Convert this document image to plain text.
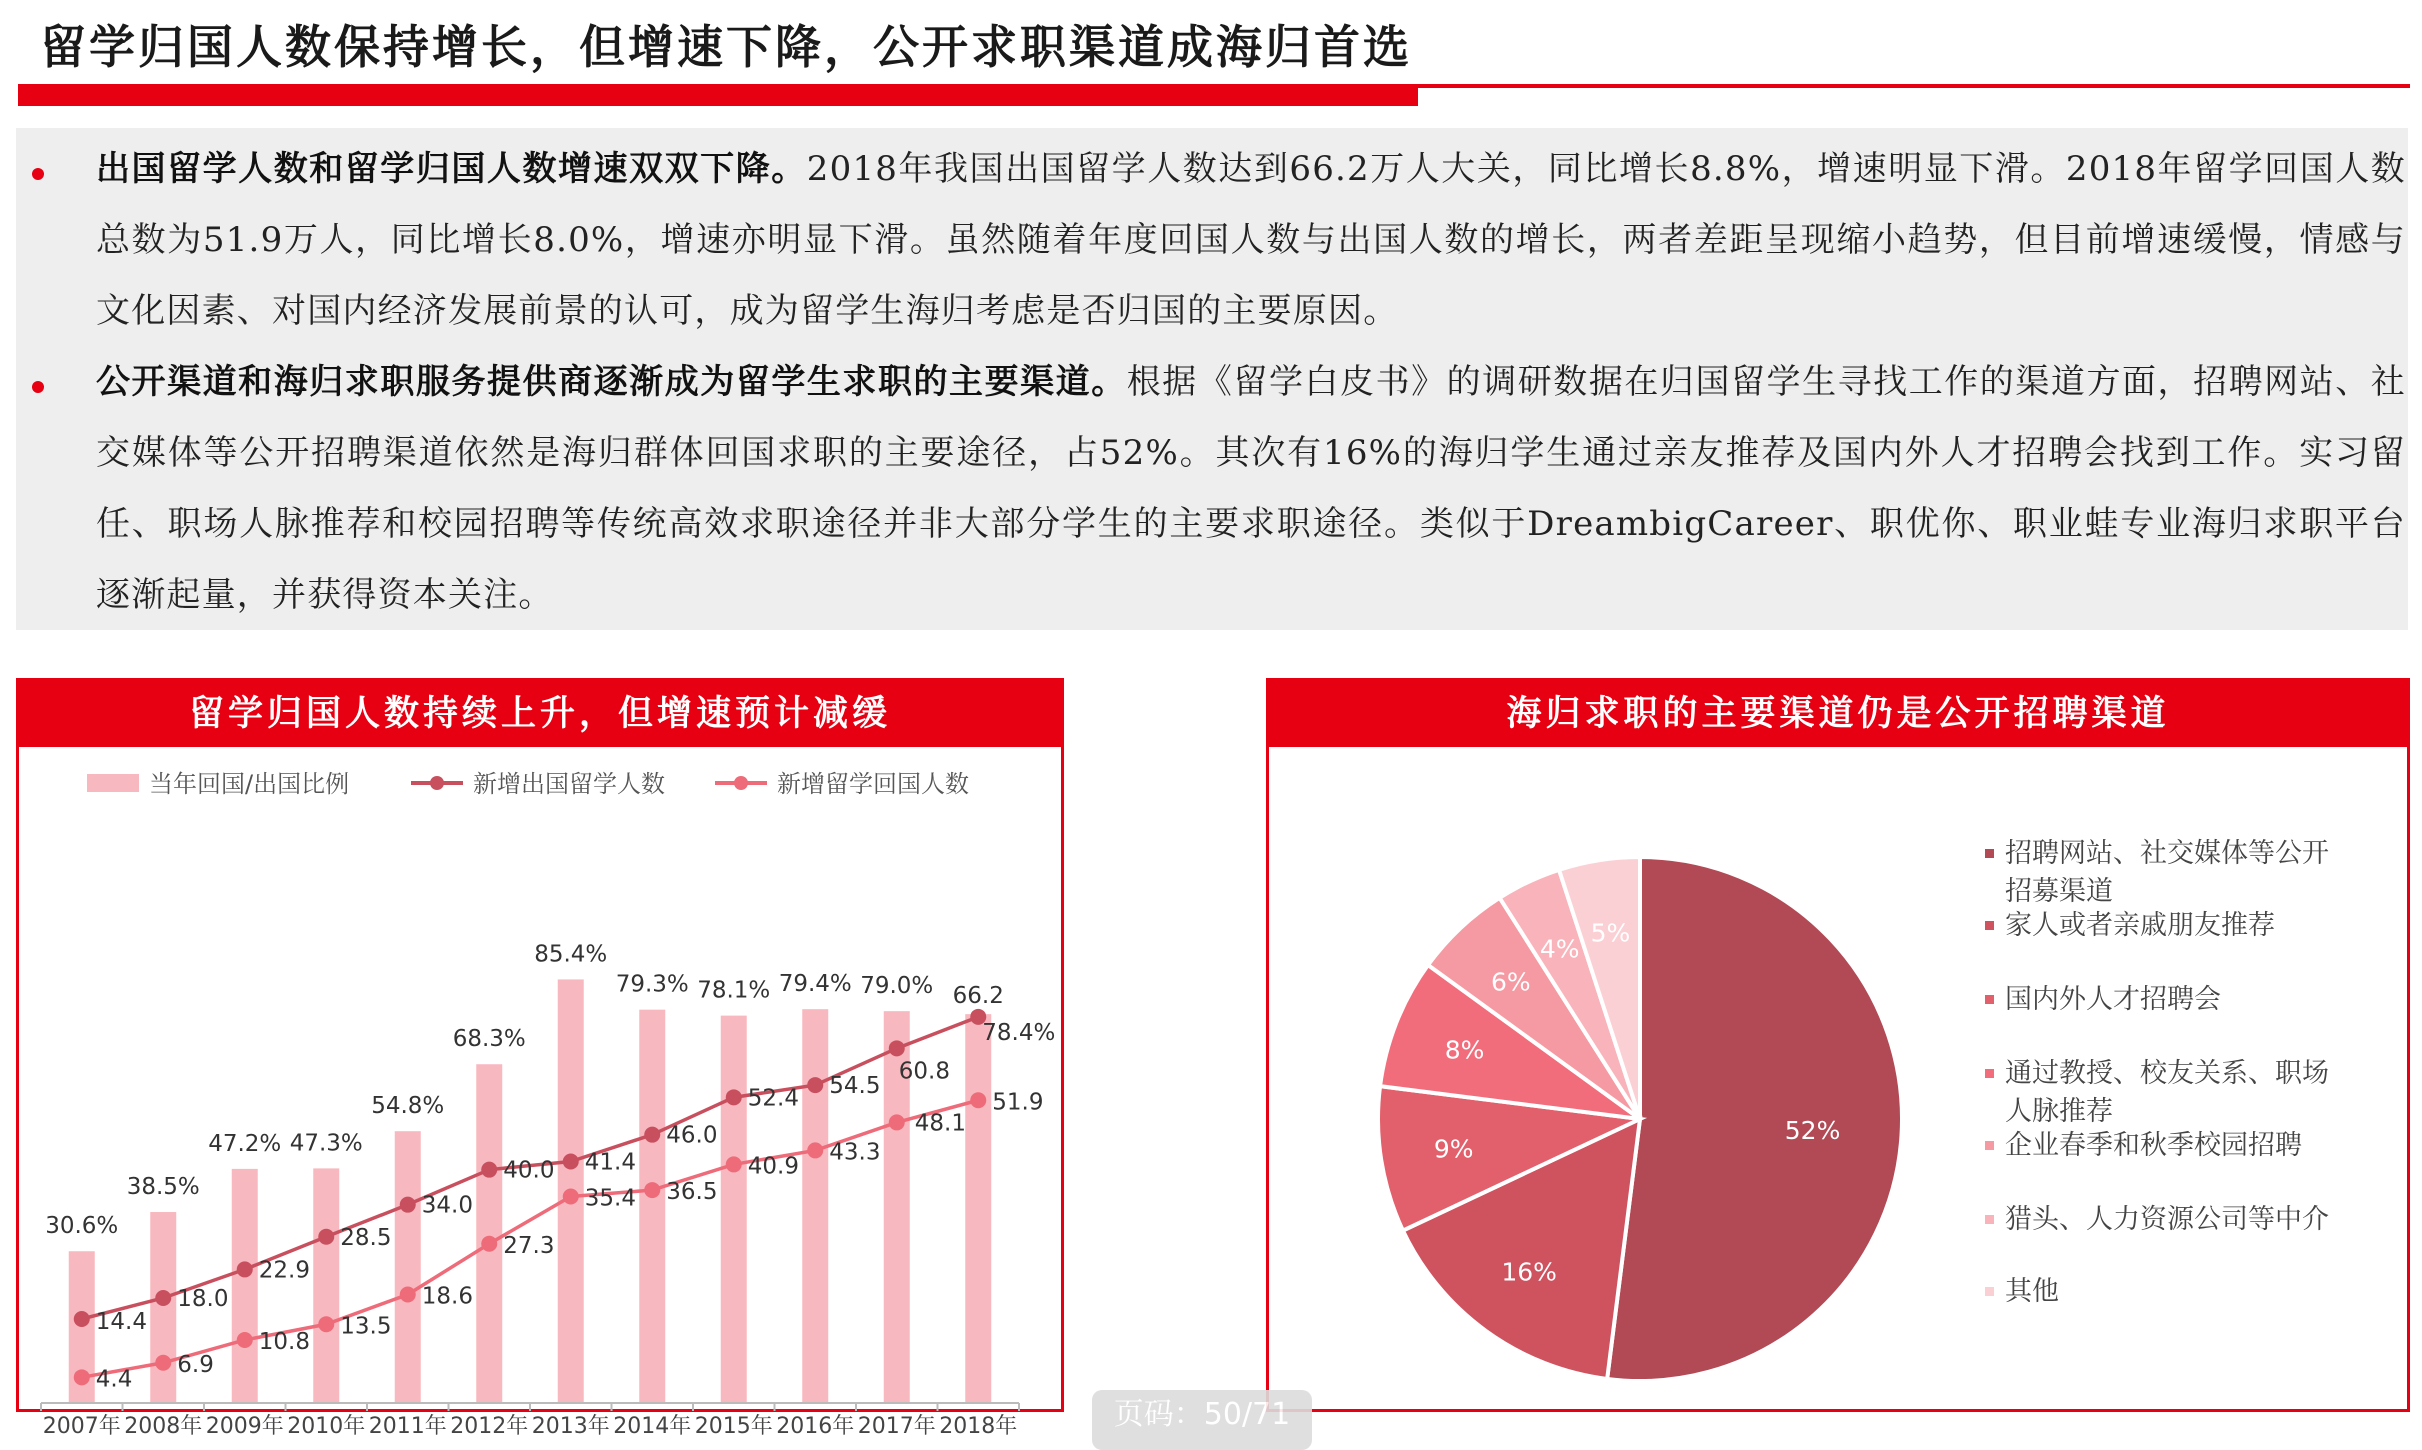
留学归国人数保持增长，但增速下降，公开求职渠道成海归首选
出国留学人数和留学归国人数增速双双下降。2018年我国出国留学人数达到66.2万人大关，同比增长8.8%，增速明显下滑。2018年留学回国人数总数为51.9万人，同比增长8.0%，增速亦明显下滑。虽然随着年度回国人数与出国人数的增长，两者差距呈现缩小趋势，但目前增速缓慢，情感与文化因素、对国内经济发展前景的认可，成为留学生海归考虑是否归国的主要原因。
公开渠道和海归求职服务提供商逐渐成为留学生求职的主要渠道。根据《留学白皮书》的调研数据在归国留学生寻找工作的渠道方面，招聘网站、社交媒体等公开招聘渠道依然是海归群体回国求职的主要途径，占52%。其次有16%的海归学生通过亲友推荐及国内外人才招聘会找到工作。实习留任、职场人脉推荐和校园招聘等传统高效求职途径并非大部分学生的主要求职途径。类似于DreambigCareer、职优你、职业蛙专业海归求职平台逐渐起量，并获得资本关注。
留学归国人数持续上升，但增速预计减缓
当年回国/出国比例	新增出国留学人数	新增留学回国人数
2007年 2008年 2009年 2010年 2011年 2012年 2013年 2014年 2015年 2016年 2017年 2018年
30.6%
38.5%
47.2% 47.3%
54.8%
68.3%
85.4%
79.3% 78.1% 79.4% 79.0%
78.4%
14.4
18.0
22.9
28.5
34.0
40.0 41.4
46.0
52.4 54.5
60.8
66.2
4.4
6.9
10.8
13.5
18.6
27.3
35.4 36.5
40.9
43.3
48.1
51.9
海归求职的主要渠道仍是公开招聘渠道
52%
16%
9%
8%
6%
4%
5%
招聘网站、社交媒体等公开招募渠道
家人或者亲戚朋友推荐
国内外人才招聘会
通过教授、校友关系、职场人脉推荐
企业春季和秋季校园招聘
猎头、人力资源公司等中介
其他
页码：50/71
